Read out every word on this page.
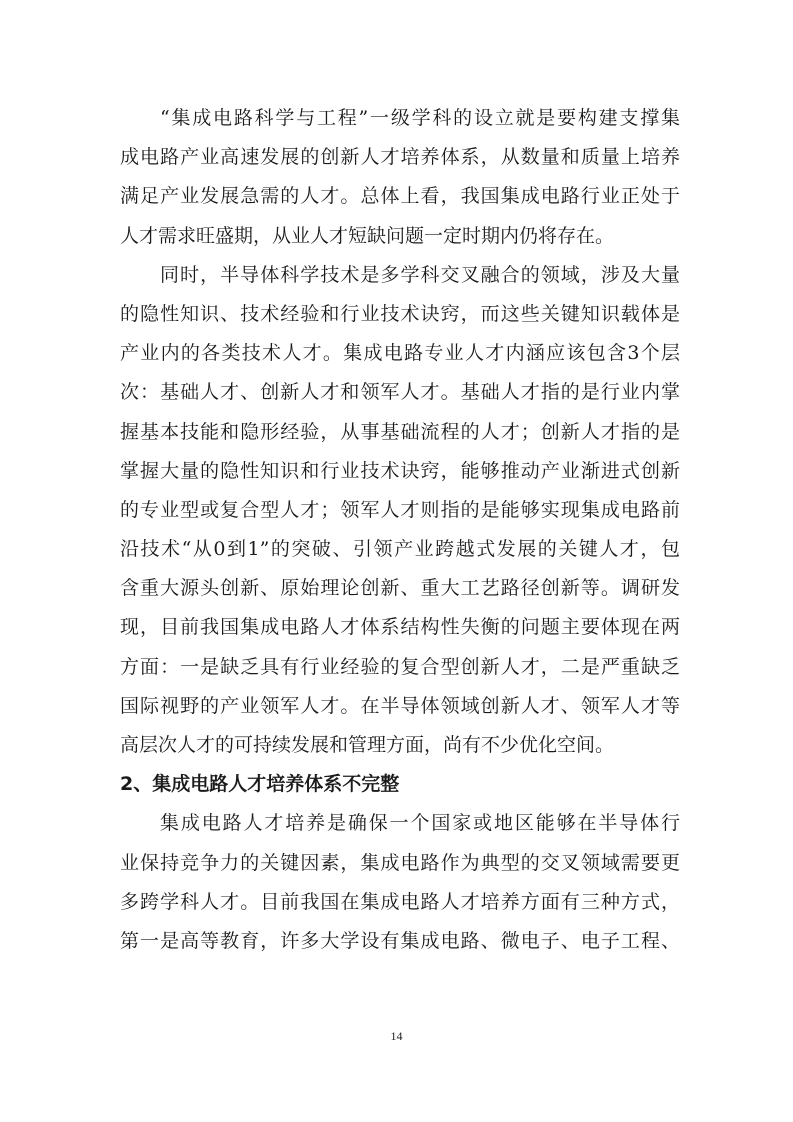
“集成电路科学与工程”一级学科的设立就是要构建支撑集
成电路产业高速发展的创新人才培养体系，从数量和质量上培养
满足产业发展急需的人才。总体上看，我国集成电路行业正处于
人才需求旺盛期，从业人才短缺问题一定时期内仍将存在。
同时，半导体科学技术是多学科交叉融合的领域，涉及大量
的隐性知识、技术经验和行业技术诀窍，而这些关键知识载体是
产业内的各类技术人才。集成电路专业人才内涵应该包含3个层
次：基础人才、创新人才和领军人才。基础人才指的是行业内掌
握基本技能和隐形经验，从事基础流程的人才；创新人才指的是
掌握大量的隐性知识和行业技术诀窍，能够推动产业渐进式创新
的专业型或复合型人才；领军人才则指的是能够实现集成电路前
沿技术“从0到1”的突破、引领产业跨越式发展的关键人才，包
含重大源头创新、原始理论创新、重大工艺路径创新等。调研发
现，目前我国集成电路人才体系结构性失衡的问题主要体现在两
方面：一是缺乏具有行业经验的复合型创新人才，二是严重缺乏
国际视野的产业领军人才。在半导体领域创新人才、领军人才等
高层次人才的可持续发展和管理方面，尚有不少优化空间。
2、集成电路人才培养体系不完整
集成电路人才培养是确保一个国家或地区能够在半导体行
业保持竞争力的关键因素，集成电路作为典型的交叉领域需要更
多跨学科人才。目前我国在集成电路人才培养方面有三种方式，
第一是高等教育，许多大学设有集成电路、微电子、电子工程、
14
